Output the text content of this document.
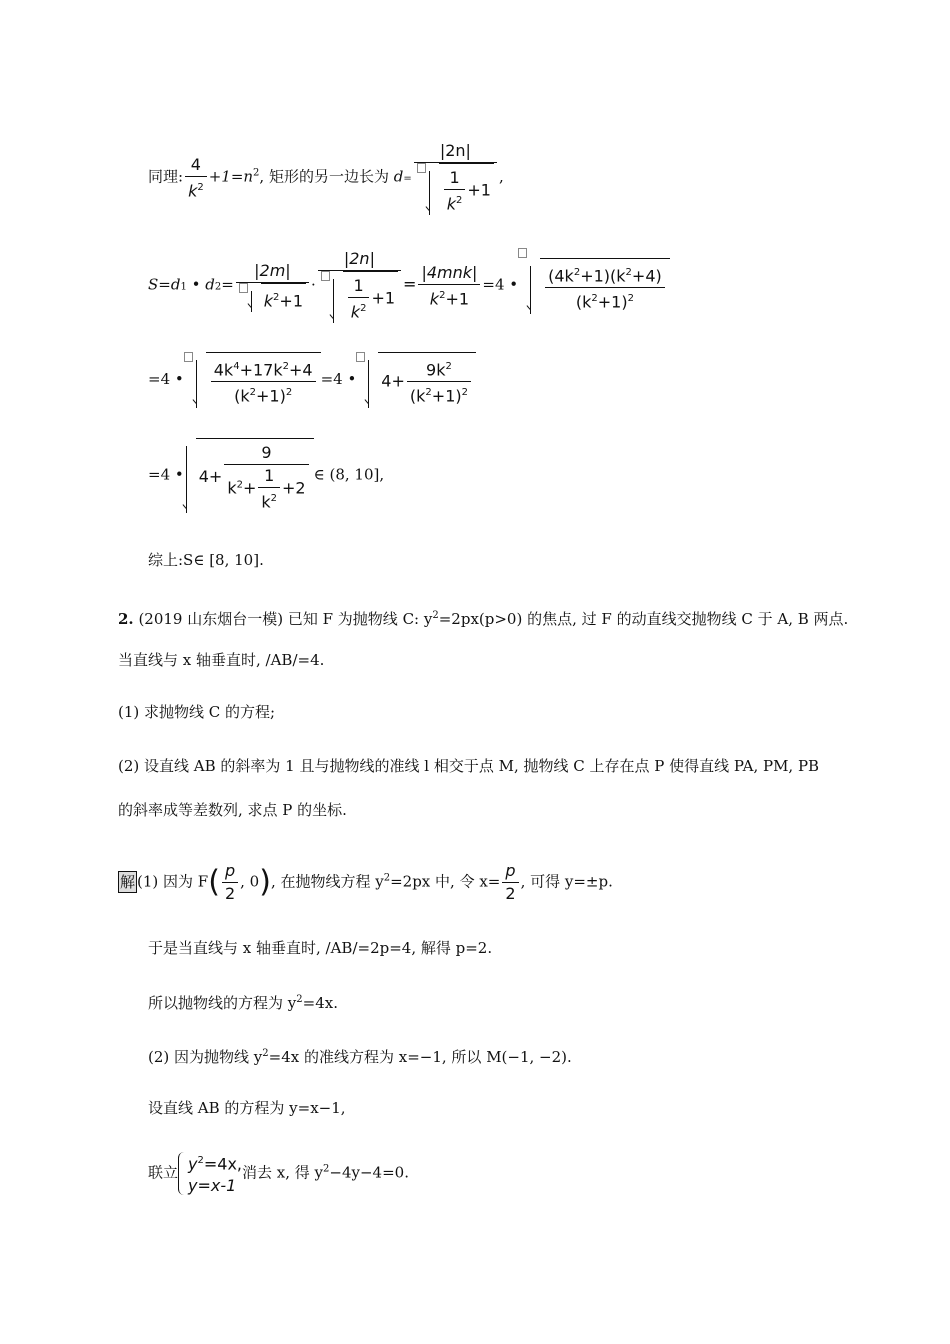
同理: $\frac{4}{k^2} +1=n^2$, 矩形的另一边长为 $d= \frac{|2n|}{\frac{1}{k^2} +1}$ ,
S=d1 • $d2= \frac{|2m|}{k^2+1} \cdot \frac{|2n|}{\frac{1}{k^2} +1} = \frac{\text{|4mnk|}}{k^2+1} =4$ • $\frac{(4k^2+1)(k^2+4)}{(k^2+1)^2}$
=4 • $\frac{4k^4+17k^2+4}{(k^2+1)^2} =4$ • $4+ \frac{9k^2}{(k^2+1)^2}$
=4 • $4+ \frac{9}{k^2+ \frac{1}{k^2} +2}$ ∈ (8, 10],
综上:S∈ [8, 10].
2. (2019 山东烟台一模) 已知 F 为抛物线 C: $y^2=2px(p>0)$ 的焦点, 过 F 的动直线交抛物线 C 于 A, B 两点.
当直线与 x 轴垂直时, /AB/=4.
(1) 求抛物线 C 的方程;
(2) 设直线 AB 的斜率为 1 且与抛物线的准线 l 相交于点 M, 抛物线 C 上存在点 P 使得直线 PA, PM, PB
的斜率成等差数列, 求点 P 的坐标.
解 (1) 因为 $F( \frac{p}{2}$ , 0), 在抛物线方程 $y^2=2px$ 中, 令 $x= \frac{p}{2}$ , 可得 y=±p.
于是当直线与 x 轴垂直时, /AB/=2p=4, 解得 p=2.
所以抛物线的方程为 $y^2=4x$.
(2) 因为抛物线 $y^2=4x$ 的准线方程为 x=−1, 所以 M(−1, −2).
设直线 AB 的方程为 y=x−1,
联立 $y^2=4x$,
y=x-1
消去 x, 得 $y^2-4y-4=0$.
